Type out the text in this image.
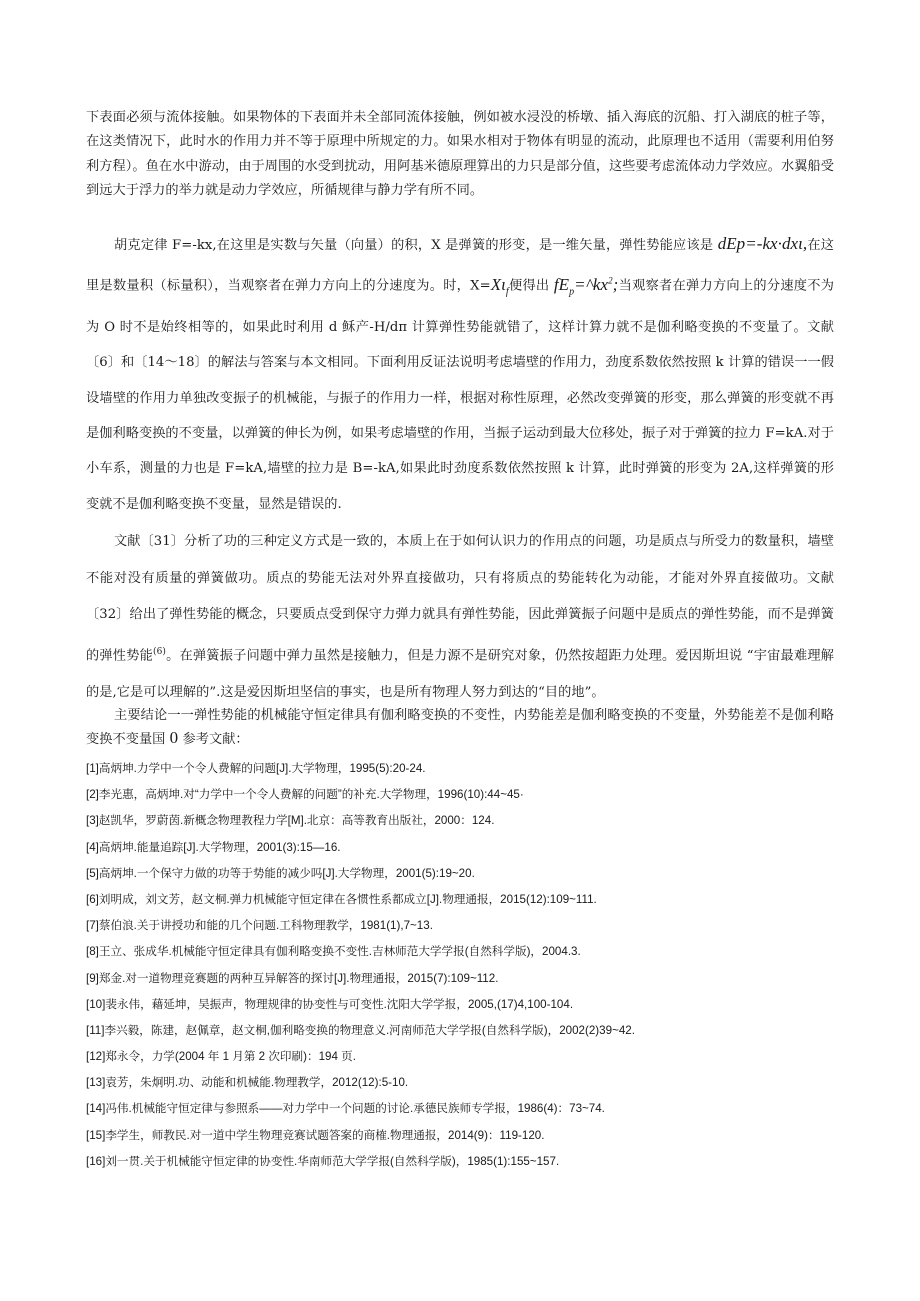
下表面必须与流体接触。如果物体的下表面并未全部同流体接触，例如被水浸没的桥墩、插入海底的沉船、打入湖底的桩子等，在这类情况下，此时水的作用力并不等于原理中所规定的力。如果水相对于物体有明显的流动，此原理也不适用（需要利用伯努利方程）。鱼在水中游动，由于周围的水受到扰动，用阿基米德原理算出的力只是部分值，这些要考虑流体动力学效应。水翼船受到远大于浮力的举力就是动力学效应，所循规律与静力学有所不同。

胡克定律 F=-kx,在这里是实数与矢量（向量）的积，X 是弹簧的形变，是一维矢量，弹性势能应该是 dEp=-kx·dxι,在这里是数量积（标量积），当观察者在弹力方向上的分速度为。时，$X=X\iota_f$便得出 $fE_p=\^{}kx^2$;当观察者在弹力方向上的分速度不为为 O 时不是始终相等的，如果此时利用 d 稣产-H∕dπ 计算弹性势能就错了，这样计算力就不是伽利略变换的不变量了。文献〔6〕和〔14～18〕的解法与答案与本文相同。下面利用反证法说明考虑墙壁的作用力，劲度系数依然按照 k 计算的错误一一假设墙壁的作用力单独改变振子的机械能，与振子的作用力一样，根据对称性原理，必然改变弹簧的形变，那么弹簧的形变就不再是伽利略变换的不变量，以弹簧的伸长为例，如果考虑墙壁的作用，当振子运动到最大位移处，振子对于弹簧的拉力 F=kA.对于小车系，测量的力也是 F=kA,墙壁的拉力是 B=-kA,如果此时劲度系数依然按照 k 计算，此时弹簧的形变为 2A,这样弹簧的形变就不是伽利略变换不变量，显然是错误的.

文献〔31〕分析了功的三种定义方式是一致的，本质上在于如何认识力的作用点的问题，功是质点与所受力的数量积，墙壁不能对没有质量的弹簧做功。质点的势能无法对外界直接做功，只有将质点的势能转化为动能，才能对外界直接做功。文献〔32〕给出了弹性势能的概念，只要质点受到保守力弹力就具有弹性势能，因此弹簧振子问题中是质点的弹性势能，而不是弹簧的弹性势能$^{(6)}$。在弹簧振子问题中弹力虽然是接触力，但是力源不是研究对象，仍然按超距力处理。爱因斯坦说 “宇宙最难理解的是,它是可以理解的”.这是爱因斯坦坚信的事实，也是所有物理人努力到达的“目的地”。

主要结论一一弹性势能的机械能守恒定律具有伽利略变换的不变性，内势能差是伽利略变换的不变量，外势能差不是伽利略变换不变量国 0 参考文献：

[1]高炳坤.力学中一个令人费解的问题[J].大学物理，1995(5):20-24.
[2]李光惠，高炳坤.对“力学中一个令人费解的问题”的补充.大学物理，1996(10):44~45·
[3]赵凯华，罗蔚茵.新概念物理教程力学[M].北京：高等教育出版社，2000：124.
[4]高炳坤.能量追踪[J].大学物理，2001(3):15—16.
[5]高炳坤.一个保守力做的功等于势能的减少吗[J].大学物理，2001(5):19~20.
[6]刘明成，刘文芳，赵文桐.弹力机械能守恒定律在各惯性系都成立[J].物理通报，2015(12):109~111.
[7]蔡伯浪.关于讲授功和能的几个问题.工科物理教学，1981(1),7~13.
[8]王立、张成华.机械能守恒定律具有伽利略变换不变性.吉林师范大学学报(自然科学版)，2004.3.
[9]郑金.对一道物理竞赛题的两种互异解答的探讨[J].物理通报，2015(7):109~112.
[10]裴永伟，藉延坤，吴振声，物理规律的协变性与可变性.沈阳大学学报，2005,(17)4,100-104.
[11]李兴毅，陈建，赵佩章，赵文桐,伽利略变换的物理意义.河南师范大学学报(自然科学版)，2002(2)39~42.
[12]郑永令，力学(2004 年 1 月第 2 次印刷)：194 页.
[13]袁芳，朱炯明.功、动能和机械能.物理教学，2012(12):5-10.
[14]冯伟.机械能守恒定律与参照系——对力学中一个问题的讨论.承德民族师专学报，1986(4)：73~74.
[15]李学生，师教民.对一道中学生物理竞赛试题答案的商榷.物理通报，2014(9)：119-120.
[16]刘一贯.关于机械能守恒定律的协变性.华南师范大学学报(自然科学版)，1985(1):155~157.
